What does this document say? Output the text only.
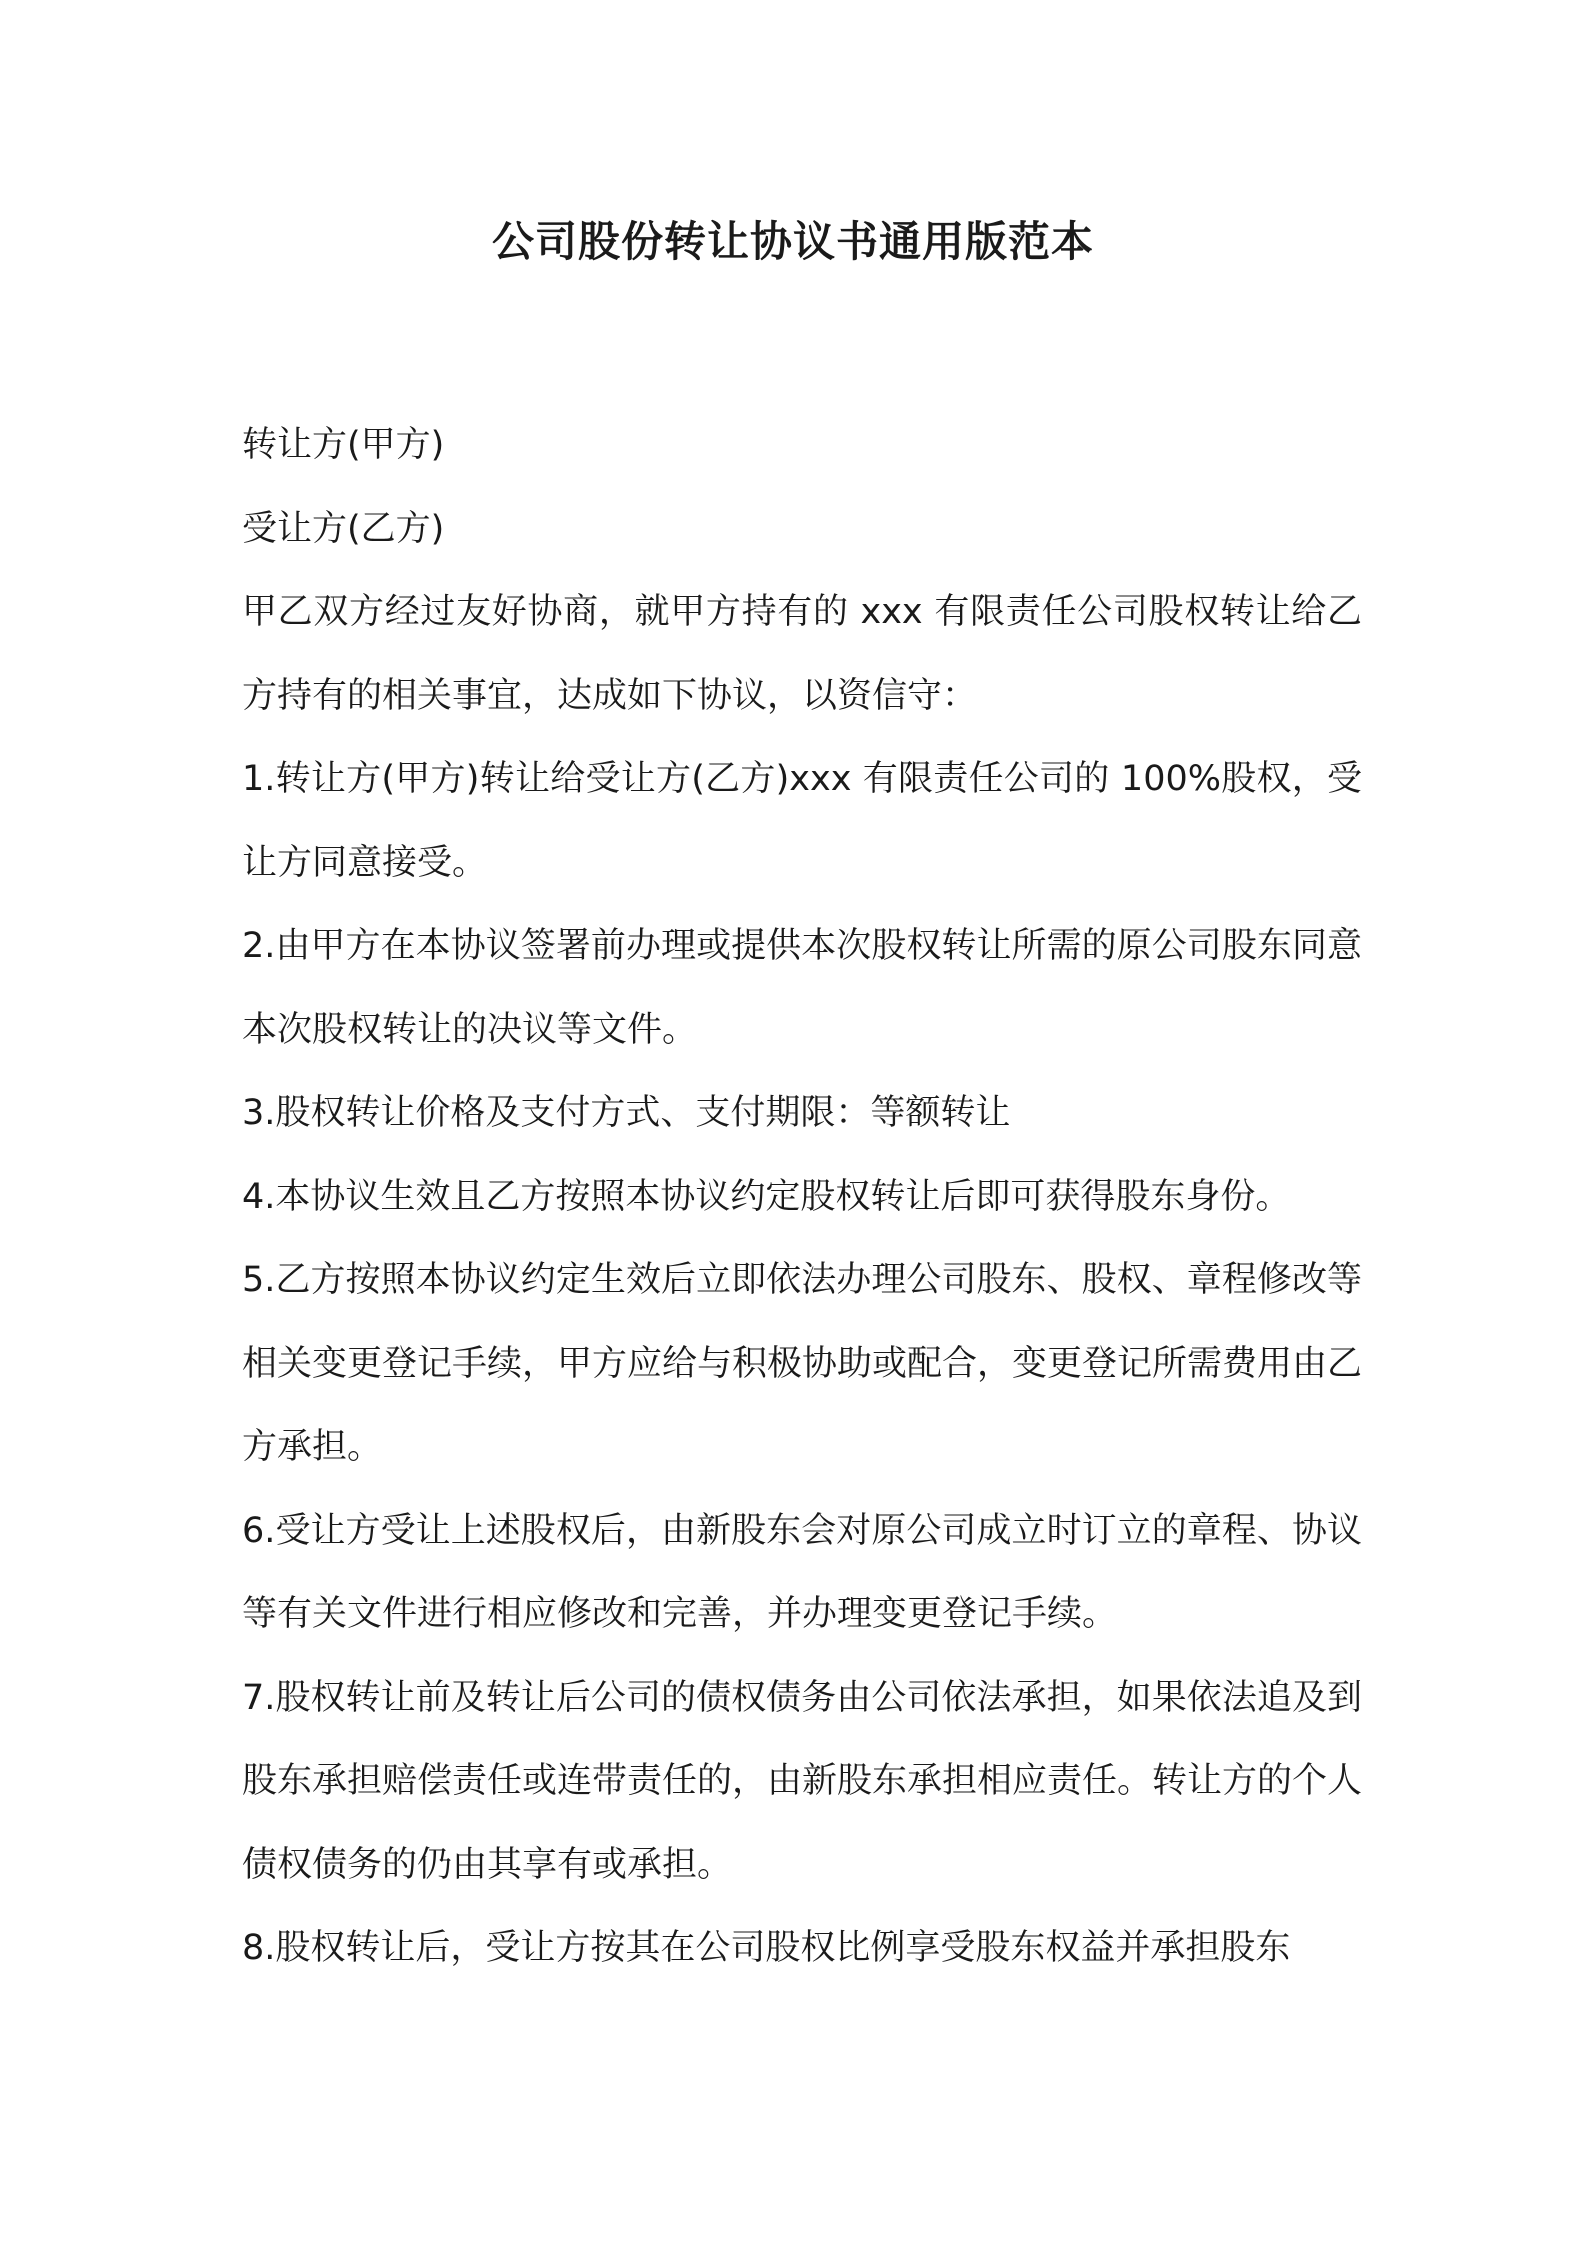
公司股份转让协议书通用版范本

转让方(甲方)

受让方(乙方)

甲乙双方经过友好协商，就甲方持有的 xxx 有限责任公司股权转让给乙方持有的相关事宜，达成如下协议，以资信守：

1.转让方(甲方)转让给受让方(乙方)xxx 有限责任公司的 100%股权，受让方同意接受。

2.由甲方在本协议签署前办理或提供本次股权转让所需的原公司股东同意本次股权转让的决议等文件。

3.股权转让价格及支付方式、支付期限：等额转让

4.本协议生效且乙方按照本协议约定股权转让后即可获得股东身份。

5.乙方按照本协议约定生效后立即依法办理公司股东、股权、章程修改等相关变更登记手续，甲方应给与积极协助或配合，变更登记所需费用由乙方承担。

6.受让方受让上述股权后，由新股东会对原公司成立时订立的章程、协议等有关文件进行相应修改和完善，并办理变更登记手续。

7.股权转让前及转让后公司的债权债务由公司依法承担，如果依法追及到股东承担赔偿责任或连带责任的，由新股东承担相应责任。转让方的个人债权债务的仍由其享有或承担。

8.股权转让后，受让方按其在公司股权比例享受股东权益并承担股东
